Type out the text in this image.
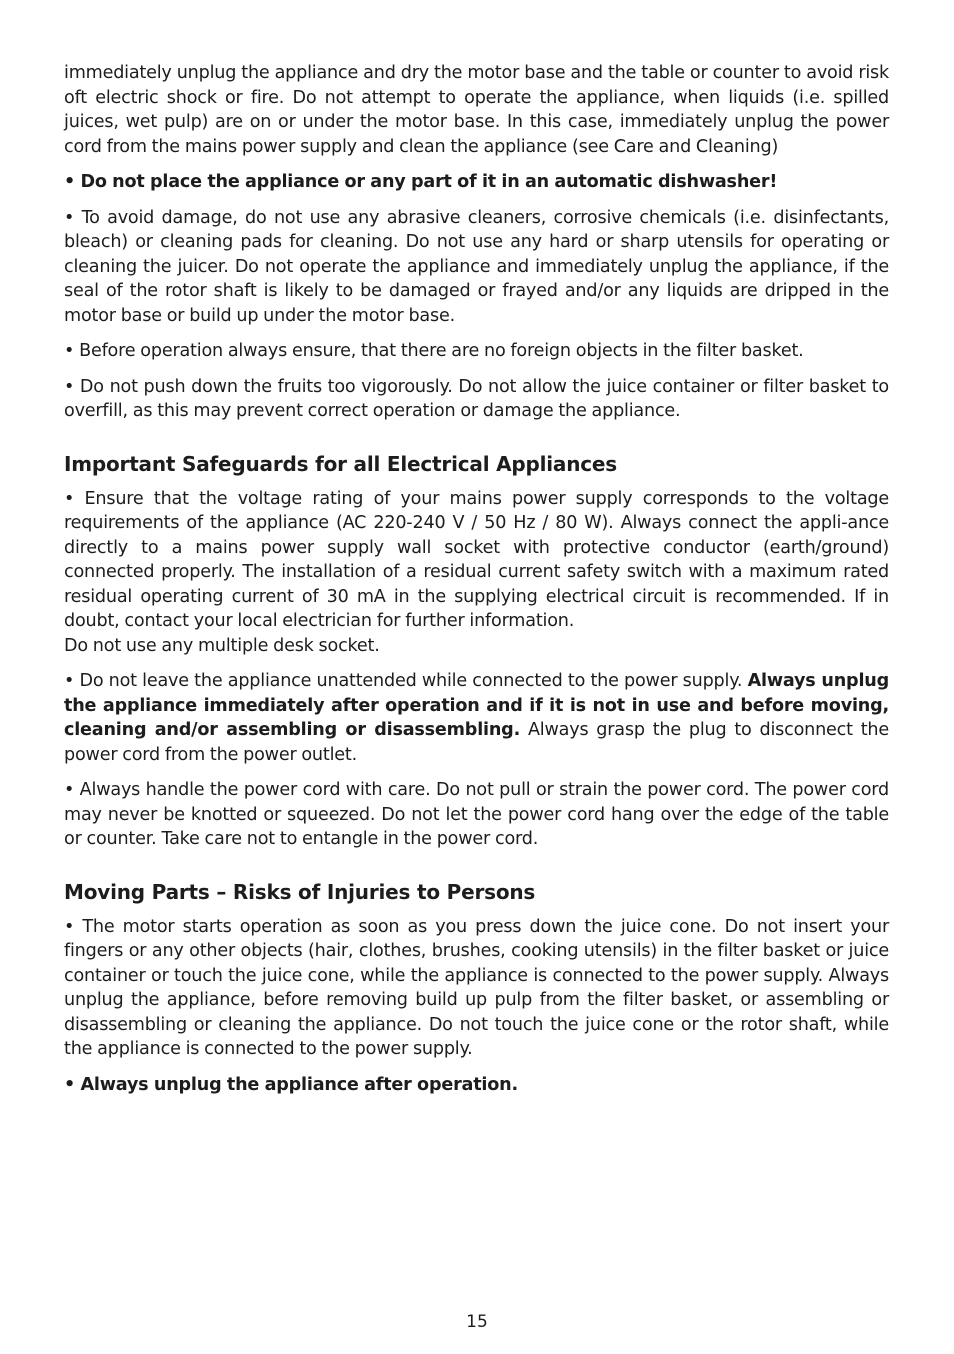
immediately unplug the appliance and dry the motor base and the table or counter to avoid risk oft electric shock or fire. Do not attempt to operate the appliance, when liquids (i.e. spilled juices, wet pulp) are on or under the motor base. In this case, immediately unplug the power cord from the mains power supply and clean the appliance (see Care and Cleaning)

• Do not place the appliance or any part of it in an automatic dishwasher!

• To avoid damage, do not use any abrasive cleaners, corrosive chemicals (i.e. disinfectants, bleach) or cleaning pads for cleaning. Do not use any hard or sharp utensils for operating or cleaning the juicer. Do not operate the appliance and immediately unplug the appliance, if the seal of the rotor shaft is likely to be damaged or frayed and/or any liquids are dripped in the motor base or build up under the motor base.

• Before operation always ensure, that there are no foreign objects in the filter basket.

• Do not push down the fruits too vigorously. Do not allow the juice container or filter basket to overfill, as this may prevent correct operation or damage the appliance.

Important Safeguards for all Electrical Appliances

• Ensure that the voltage rating of your mains power supply corresponds to the voltage requirements of the appliance (AC 220-240 V / 50 Hz / 80 W). Always connect the appli-ance directly to a mains power supply wall socket with protective conductor (earth/ground) connected properly. The installation of a residual current safety switch with a maximum rated residual operating current of 30 mA in the supplying electrical circuit is recommended. If in doubt, contact your local electrician for further information.

Do not use any multiple desk socket.

• Do not leave the appliance unattended while connected to the power supply. Always unplug the appliance immediately after operation and if it is not in use and before moving, cleaning and/or assembling or disassembling. Always grasp the plug to disconnect the power cord from the power outlet.

• Always handle the power cord with care. Do not pull or strain the power cord. The power cord may never be knotted or squeezed. Do not let the power cord hang over the edge of the table or counter. Take care not to entangle in the power cord.

Moving Parts – Risks of Injuries to Persons

• The motor starts operation as soon as you press down the juice cone. Do not insert your fingers or any other objects (hair, clothes, brushes, cooking utensils) in the filter basket or juice container or touch the juice cone, while the appliance is connected to the power supply. Always unplug the appliance, before removing build up pulp from the filter basket, or assembling or disassembling or cleaning the appliance. Do not touch the juice cone or the rotor shaft, while the appliance is connected to the power supply.

• Always unplug the appliance after operation.

15
